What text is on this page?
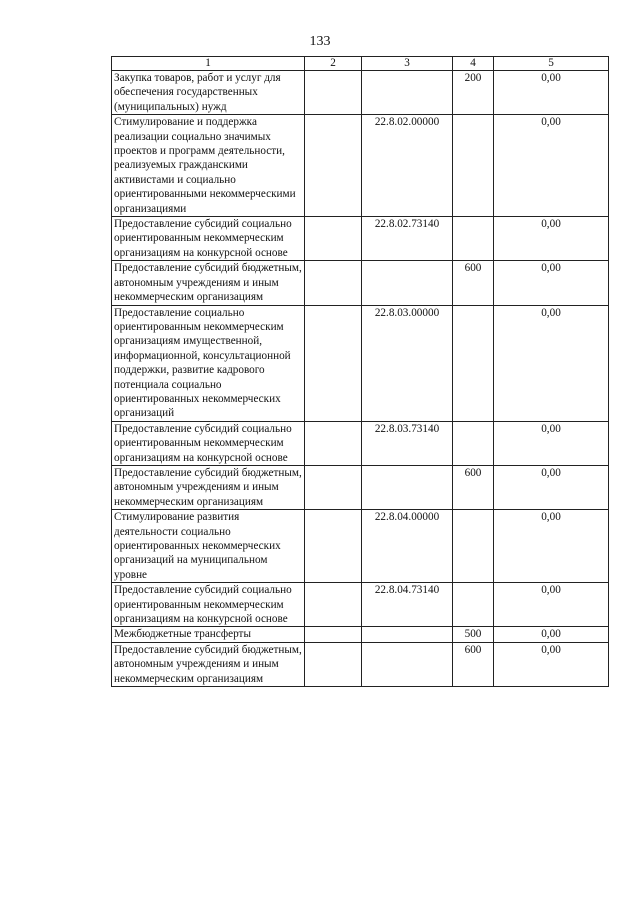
133
1	2	3	4	5
Закупка товаров, работ и услуг для обеспечения государственных (муниципальных) нужд			200	0,00
Стимулирование и поддержка реализации социально значимых проектов и программ деятельности, реализуемых гражданскими активистами и социально ориентированными некоммерческими организациями		22.8.02.00000		0,00
Предоставление субсидий социально ориентированным некоммерческим организациям на конкурсной основе		22.8.02.73140		0,00
Предоставление субсидий бюджетным, автономным учреждениям и иным некоммерческим организациям			600	0,00
Предоставление социально ориентированным некоммерческим организациям имущественной, информационной, консультационной поддержки, развитие кадрового потенциала социально ориентированных некоммерческих организаций		22.8.03.00000		0,00
Предоставление субсидий социально ориентированным некоммерческим организациям на конкурсной основе		22.8.03.73140		0,00
Предоставление субсидий бюджетным, автономным учреждениям и иным некоммерческим организациям			600	0,00
Стимулирование развития деятельности социально ориентированных некоммерческих организаций на муниципальном уровне		22.8.04.00000		0,00
Предоставление субсидий социально ориентированным некоммерческим организациям на конкурсной основе		22.8.04.73140		0,00
Межбюджетные трансферты			500	0,00
Предоставление субсидий бюджетным, автономным учреждениям и иным некоммерческим организациям			600	0,00
